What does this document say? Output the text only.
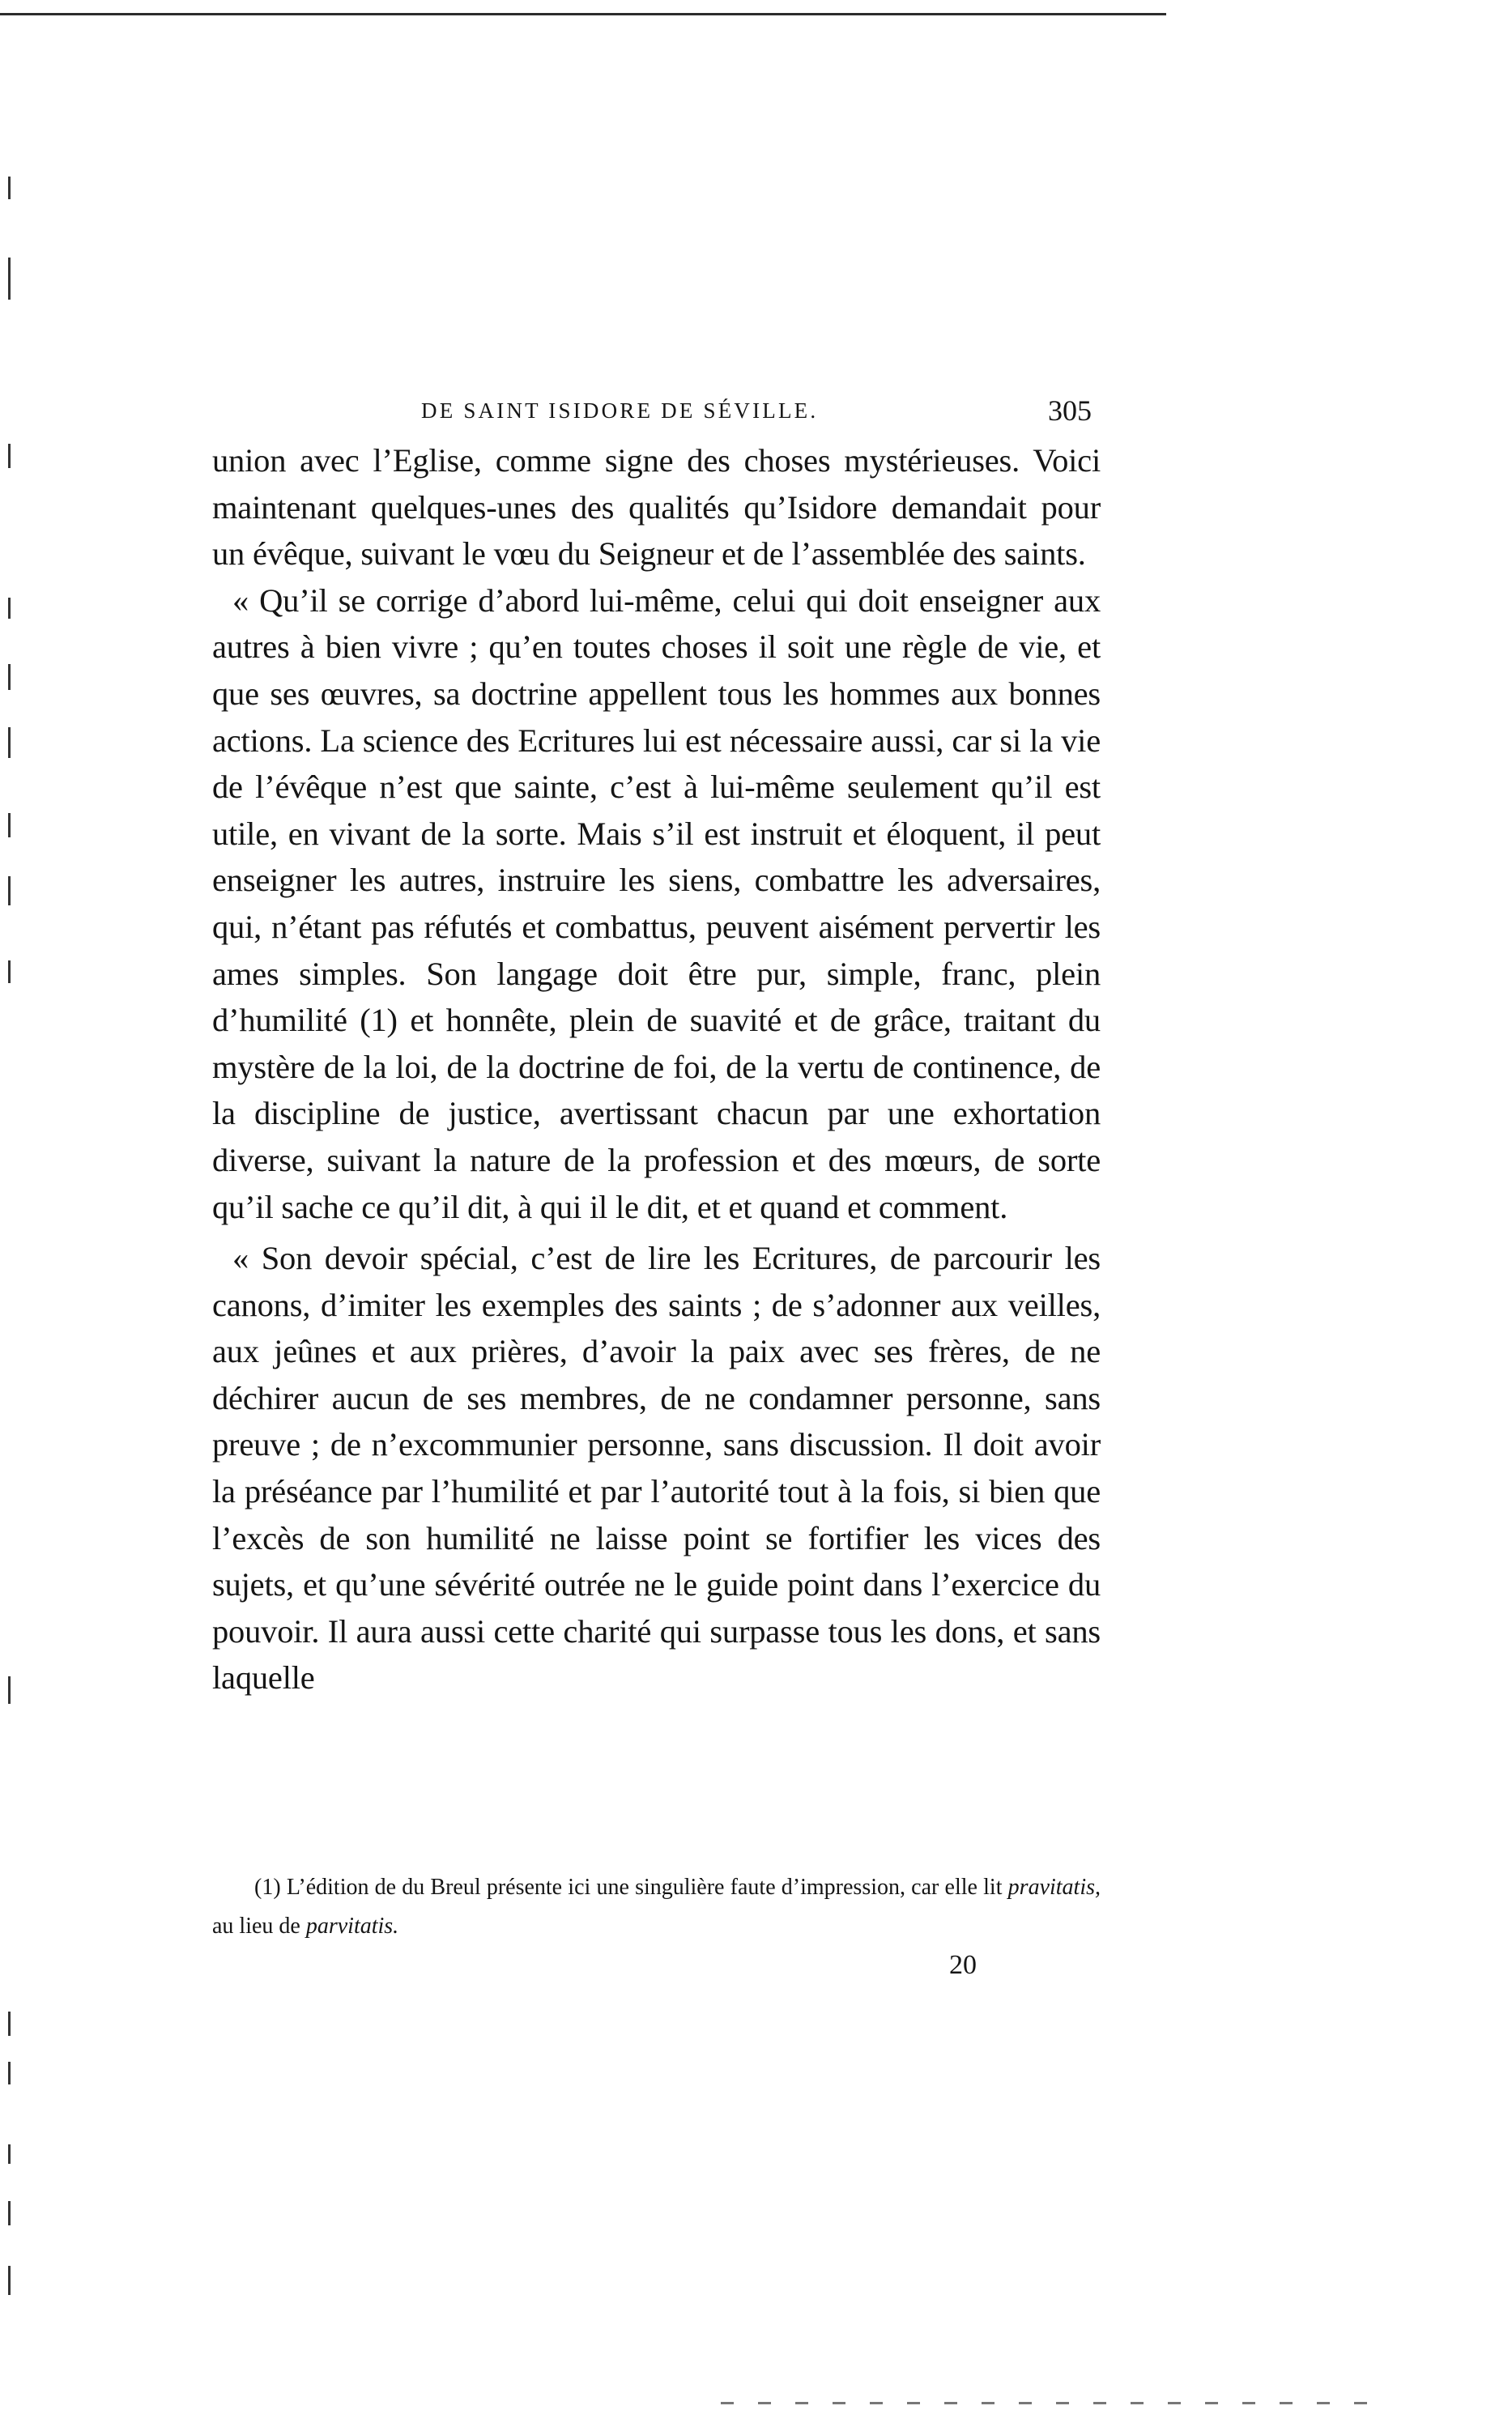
DE SAINT ISIDORE DE SÉVILLE.	305

union avec l’Eglise, comme signe des choses mystérieuses. Voici maintenant quelques-unes des qualités qu’Isidore demandait pour un évêque, suivant le vœu du Seigneur et de l’assemblée des saints.

« Qu’il se corrige d’abord lui-même, celui qui doit enseigner aux autres à bien vivre ; qu’en toutes choses il soit une règle de vie, et que ses œuvres, sa doctrine appellent tous les hommes aux bonnes actions. La science des Ecritures lui est nécessaire aussi, car si la vie de l’évêque n’est que sainte, c’est à lui-même seulement qu’il est utile, en vivant de la sorte. Mais s’il est instruit et éloquent, il peut enseigner les autres, instruire les siens, combattre les adversaires, qui, n’étant pas réfutés et combattus, peuvent aisément pervertir les ames simples. Son langage doit être pur, simple, franc, plein d’humilité (1) et honnête, plein de suavité et de grâce, traitant du mystère de la loi, de la doctrine de foi, de la vertu de continence, de la discipline de justice, avertissant chacun par une exhortation diverse, suivant la nature de la profession et des mœurs, de sorte qu’il sache ce qu’il dit, à qui il le dit, et et quand et comment.

« Son devoir spécial, c’est de lire les Ecritures, de parcourir les canons, d’imiter les exemples des saints ; de s’adonner aux veilles, aux jeûnes et aux prières, d’avoir la paix avec ses frères, de ne déchirer aucun de ses membres, de ne condamner personne, sans preuve ; de n’excommunier personne, sans discussion. Il doit avoir la préséance par l’humilité et par l’autorité tout à la fois, si bien que l’excès de son humilité ne laisse point se fortifier les vices des sujets, et qu’une sévérité outrée ne le guide point dans l’exercice du pouvoir. Il aura aussi cette charité qui surpasse tous les dons, et sans laquelle

(1) L’édition de du Breul présente ici une singulière faute d’impression, car elle lit pravitatis, au lieu de parvitatis.

20
